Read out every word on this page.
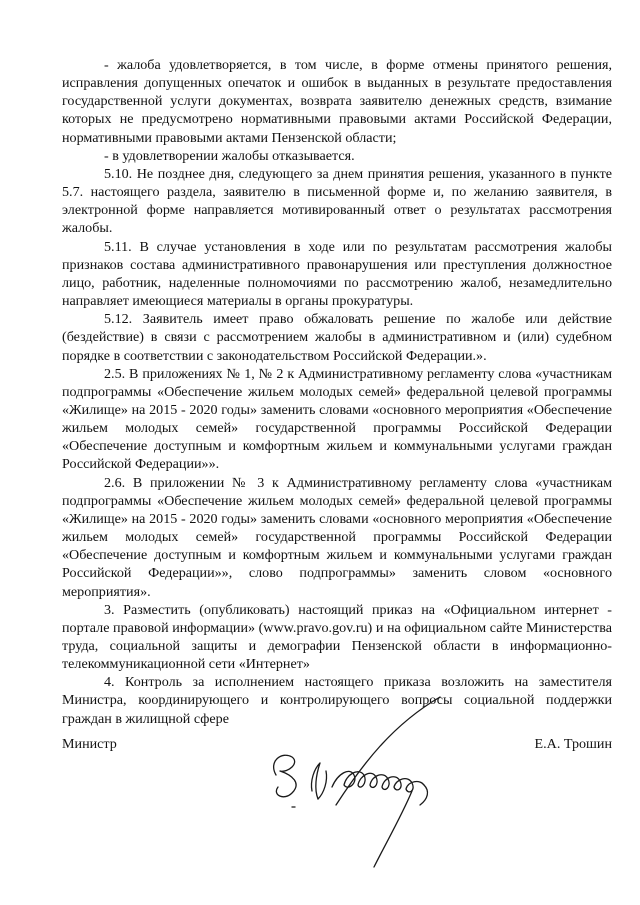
- жалоба удовлетворяется, в том числе, в форме отмены принятого решения, исправления допущенных опечаток и ошибок в выданных в результате предоставления государственной услуги документах, возврата заявителю денежных средств, взимание которых не предусмотрено нормативными правовыми актами Российской Федерации, нормативными правовыми актами Пензенской области;

- в удовлетворении жалобы отказывается.

5.10. Не позднее дня, следующего за днем принятия решения, указанного в пункте 5.7. настоящего раздела, заявителю в письменной форме и, по желанию заявителя, в электронной форме направляется мотивированный ответ о результатах рассмотрения жалобы.

5.11. В случае установления в ходе или по результатам рассмотрения жалобы признаков состава административного правонарушения или преступления должностное лицо, работник, наделенные полномочиями по рассмотрению жалоб, незамедлительно направляет имеющиеся материалы в органы прокуратуры.

5.12. Заявитель имеет право обжаловать решение по жалобе или действие (бездействие) в связи с рассмотрением жалобы в административном и (или) судебном порядке в соответствии с законодательством Российской Федерации.».

2.5. В приложениях № 1, № 2 к Административному регламенту слова «участникам подпрограммы «Обеспечение жильем молодых семей» федеральной целевой программы «Жилище» на 2015 - 2020 годы» заменить словами «основного мероприятия «Обеспечение жильем молодых семей» государственной программы Российской Федерации «Обеспечение доступным и комфортным жильем и коммунальными услугами граждан Российской Федерации»».

2.6. В приложении № 3 к Административному регламенту слова «участникам подпрограммы «Обеспечение жильем молодых семей» федеральной целевой программы «Жилище» на 2015 - 2020 годы» заменить словами «основного мероприятия «Обеспечение жильем молодых семей» государственной программы Российской Федерации «Обеспечение доступным и комфортным жильем и коммунальными услугами граждан Российской Федерации»», слово подпрограммы» заменить словом «основного мероприятия».

3. Разместить (опубликовать) настоящий приказ на «Официальном интернет - портале правовой информации» (www.pravo.gov.ru) и на официальном сайте Министерства труда, социальной защиты и демографии Пензенской области в информационно-телекоммуникационной сети «Интернет»

4. Контроль за исполнением настоящего приказа возложить на заместителя Министра, координирующего и контролирующего вопросы социальной поддержки граждан в жилищной сфере

Министр	Е.А. Трошин
